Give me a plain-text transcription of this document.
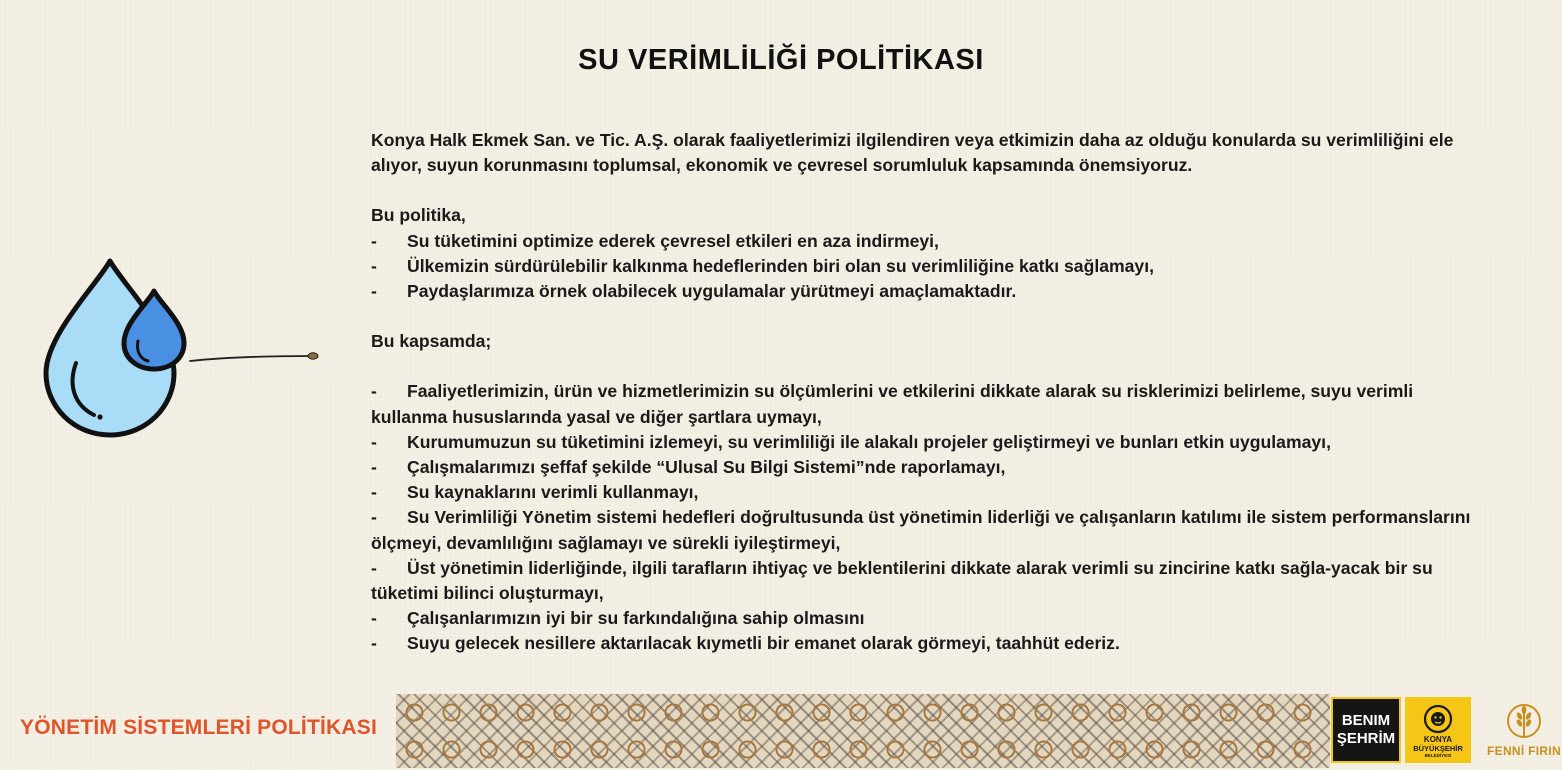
SU VERİMLİLİĞİ POLİTİKASI

Konya Halk Ekmek San. ve Tic. A.Ş. olarak faaliyetlerimizi ilgilendiren veya etkimizin daha az olduğu konularda su verimliliğini ele alıyor, suyun korunmasını toplumsal, ekonomik ve çevresel sorumluluk kapsamında önemsiyoruz.

Bu politika,

-	Su tüketimini optimize ederek çevresel etkileri en aza indirmeyi,
-	Ülkemizin sürdürülebilir kalkınma hedeflerinden biri olan su verimliliğine katkı sağlamayı,
-	Paydaşlarımıza örnek olabilecek uygulamalar yürütmeyi amaçlamaktadır.

Bu kapsamda;

- Faaliyetlerimizin, ürün ve hizmetlerimizin su ölçümlerini ve etkilerini dikkate alarak su risklerimizi belirleme, suyu verimli kullanma hususlarında yasal ve diğer şartlara uymayı,

-	Kurumumuzun su tüketimini izlemeyi, su verimliliği ile alakalı projeler geliştirmeyi ve bunları etkin uygulamayı,
-	Çalışmalarımızı şeffaf şekilde “Ulusal Su Bilgi Sistemi”nde raporlamayı,
-	Su kaynaklarını verimli kullanmayı,

- Su Verimliliği Yönetim sistemi hedefleri doğrultusunda üst yönetimin liderliği ve çalışanların katılımı ile sistem performanslarını ölçmeyi, devamlılığını sağlamayı ve sürekli iyileştirmeyi,

- Üst yönetimin liderliğinde, ilgili tarafların ihtiyaç ve beklentilerini dikkate alarak verimli su zincirine katkı sağla-yacak bir su tüketimi bilinci oluşturmayı,

-	Çalışanlarımızın iyi bir su farkındalığına sahip olmasını
-	Suyu gelecek nesillere aktarılacak kıymetli bir emanet olarak görmeyi, taahhüt ederiz.
YÖNETİM SİSTEMLERİ POLİTİKASI	BENIM
ŞEHRİM	KONYA
BÜYÜKŞEHİR
BELEDİYESİ	FENNİ FIRIN
